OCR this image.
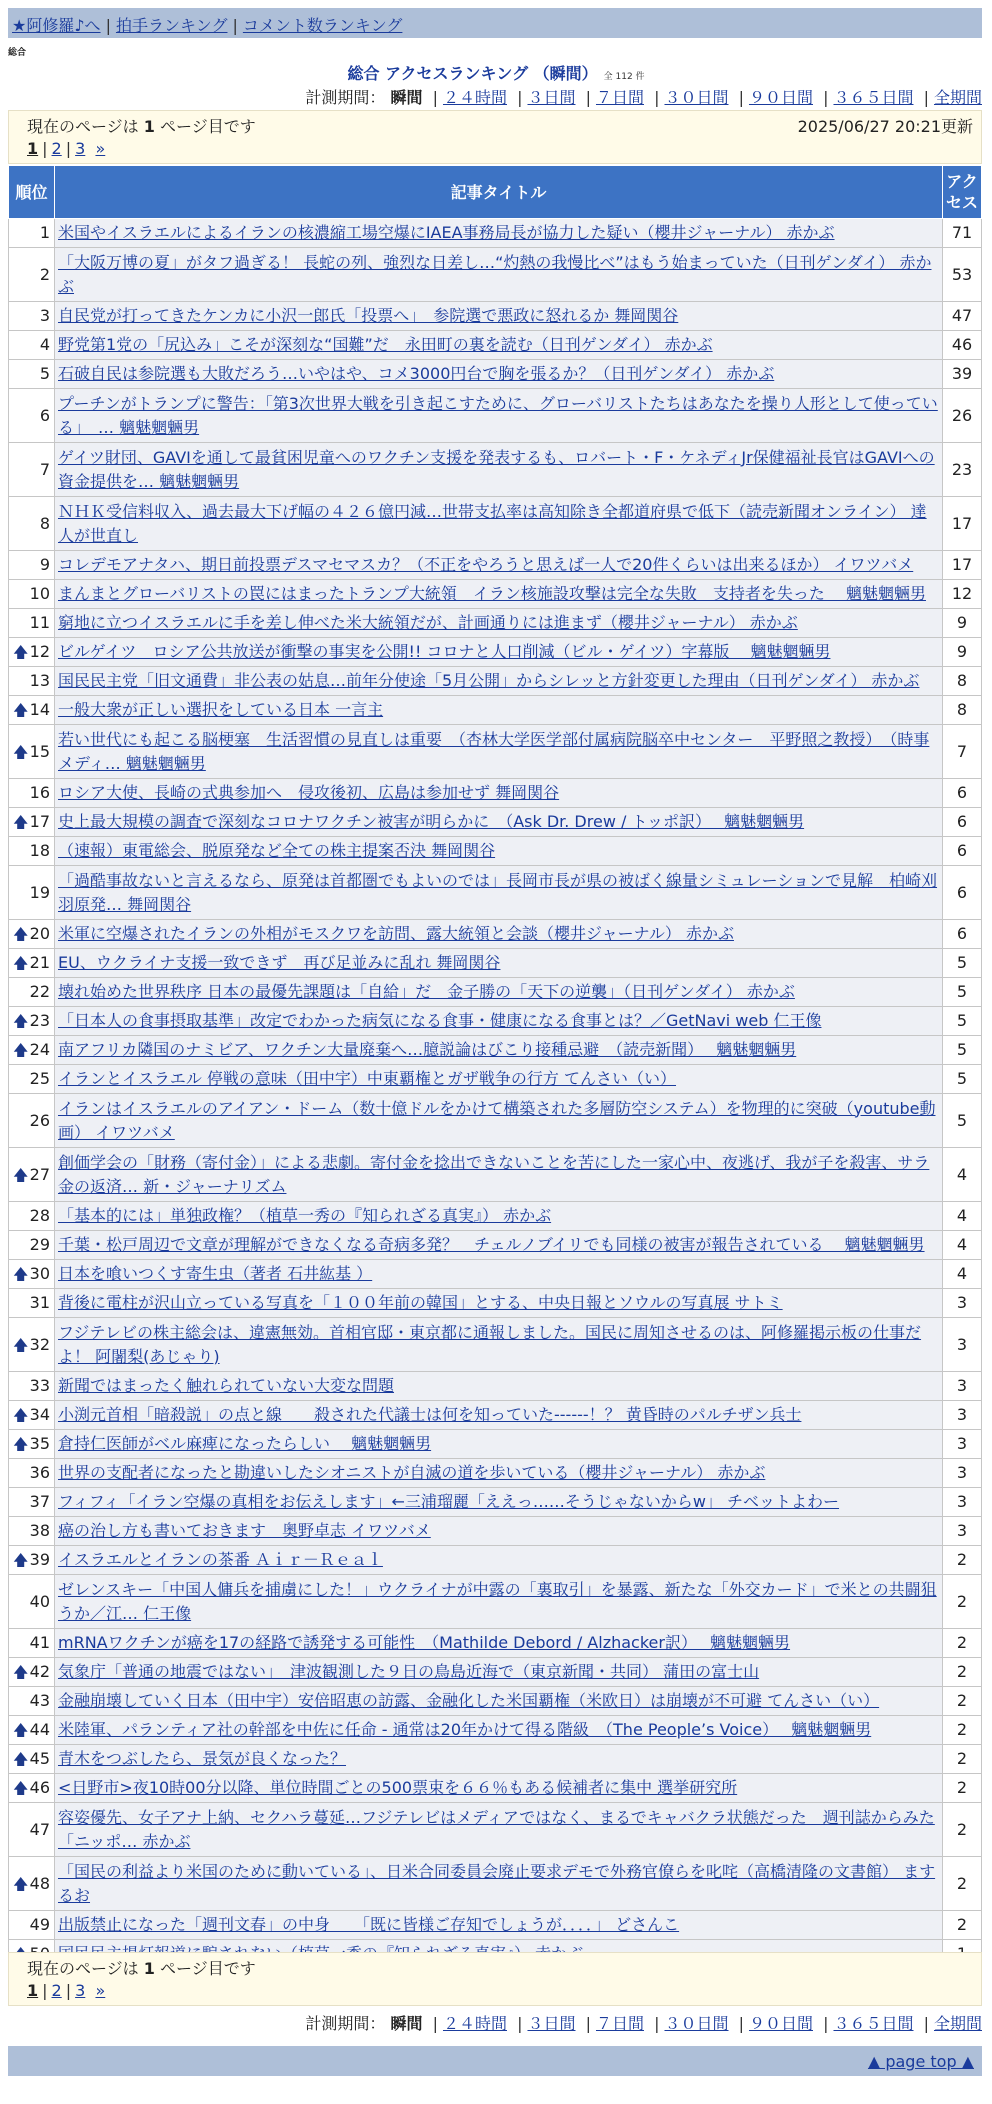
★阿修羅♪へ | 拍手ランキング | コメント数ランキング
総合
総合 アクセスランキング （瞬間） 全 112 件
計測期間： 瞬間 | ２４時間 | ３日間 | ７日間 | ３０日間 | ９０日間 | ３６５日間 | 全期間
現在のページは 1 ページ目です	2025/06/27 20:21更新
1 | 2 | 3 »
順位	記事タイトル	アクセス

1	米国やイスラエルによるイランの核濃縮工場空爆にIAEA事務局長が協力した疑い（櫻井ジャーナル） 赤かぶ	71
2	「大阪万博の夏」がタフ過ぎる！ 長蛇の列、強烈な日差し…“灼熱の我慢比べ”はもう始まっていた（日刊ゲンダイ） 赤かぶ	53
3	自民党が打ってきたケンカに小沢一郎氏「投票へ」　参院選で悪政に怒れるか 舞岡関谷	47
4	野党第1党の「尻込み」こそが深刻な“国難”だ　永田町の裏を読む（日刊ゲンダイ） 赤かぶ	46
5	石破自民は参院選も大敗だろう…いやはや、コメ3000円台で胸を張るか？（日刊ゲンダイ） 赤かぶ	39
6	プーチンがトランプに警告：「第3次世界大戦を引き起こすために、グローバリストたちはあなたを操り人形として使っている」　… 魑魅魍魎男	26
7	ゲイツ財団、GAVIを通して最貧困児童へのワクチン支援を発表するも、ロバート・F・ケネディJr保健福祉長官はGAVIへの資金提供を… 魑魅魍魎男	23
8	ＮＨＫ受信料収入、過去最大下げ幅の４２６億円減…世帯支払率は高知除き全都道府県で低下（読売新聞オンライン） 達人が世直し	17
9	コレデモアナタハ、期日前投票デスマセマスカ？（不正をやろうと思えば一人で20件くらいは出来るほか） イワツバメ	17
10	まんまとグローバリストの罠にはまったトランプ大統領　イラン核施設攻撃は完全な失敗　支持者を失った　 魑魅魍魎男	12
11	窮地に立つイスラエルに手を差し伸べた米大統領だが、計画通りには進まず（櫻井ジャーナル） 赤かぶ	9

🡅 12	ビルゲイツ　ロシア公共放送が衝撃の事実を公開!! コロナと人口削減（ビル・ゲイツ）字幕版　 魑魅魍魎男	9
13	国民民主党「旧文通費」非公表の姑息…前年分使途「5月公開」からシレッと方針変更した理由（日刊ゲンダイ） 赤かぶ	8

🡅 14	一般大衆が正しい選択をしている日本 一言主	8

🡅 15	若い世代にも起こる脳梗塞　生活習慣の見直しは重要　（杏林大学医学部付属病院脳卒中センター　平野照之教授）　（時事メディ… 魑魅魍魎男	7
16	ロシア大使、長崎の式典参加へ　侵攻後初、広島は参加せず 舞岡関谷	6

🡅 17	史上最大規模の調査で深刻なコロナワクチン被害が明らかに　（Ask Dr. Drew / トッポ訳）　 魑魅魍魎男	6
18	（速報）東電総会、脱原発など全ての株主提案否決 舞岡関谷	6
19	「過酷事故ないと言えるなら、原発は首都圏でもよいのでは」長岡市長が県の被ばく線量シミュレーションで見解　柏崎刈羽原発… 舞岡関谷	6

🡅 20	米軍に空爆されたイランの外相がモスクワを訪問、露大統領と会談（櫻井ジャーナル） 赤かぶ	6

🡅 21	EU、ウクライナ支援一致できず　再び足並みに乱れ 舞岡関谷	5
22	壊れ始めた世界秩序 日本の最優先課題は「自給」だ　金子勝の「天下の逆襲」（日刊ゲンダイ） 赤かぶ	5

🡅 23	「日本人の食事摂取基準」改定でわかった病気になる食事・健康になる食事とは？／GetNavi web 仁王像	5

🡅 24	南アフリカ隣国のナミビア、ワクチン大量廃棄へ…臆説論はびこり接種忌避　（読売新聞）　 魑魅魍魎男	5
25	イランとイスラエル 停戦の意味（田中宇）中東覇権とガザ戦争の行方 てんさい（い）	5
26	イランはイスラエルのアイアン・ドーム（数十億ドルをかけて構築された多層防空システム）を物理的に突破（youtube動画） イワツバメ	5

🡅 27	創価学会の「財務（寄付金）」による悲劇。寄付金を捻出できないことを苦にした一家心中、夜逃げ、我が子を殺害、サラ金の返済… 新・ジャーナリズム	4
28	「基本的には」単独政権？（植草一秀の『知られざる真実』） 赤かぶ	4
29	千葉・松戸周辺で文章が理解ができなくなる奇病多発？　チェルノブイリでも同様の被害が報告されている　 魑魅魍魎男	4

🡅 30	日本を喰いつくす寄生虫（著者 石井紘基 ）	4
31	背後に電柱が沢山立っている写真を「１００年前の韓国」とする、中央日報とソウルの写真展 サトミ	3

🡅 32	フジテレビの株主総会は、違憲無効。首相官邸・東京都に通報しました。国民に周知させるのは、阿修羅掲示板の仕事だよ！ 阿闍梨(あじゃり)	3
33	新聞ではまったく触れられていない大変な問題	3

🡅 34	小渕元首相「暗殺説」の点と線　　殺された代議士は何を知っていた------！？ 黄昏時のパルチザン兵士	3

🡅 35	倉持仁医師がベル麻痺になったらしい　 魑魅魍魎男	3
36	世界の支配者になったと勘違いしたシオニストが自滅の道を歩いている（櫻井ジャーナル） 赤かぶ	3
37	フィフィ「イラン空爆の真相をお伝えします」←三浦瑠麗「ええっ……そうじゃないからw」 チベットよわー	3
38	癌の治し方も書いておきます　奥野卓志 イワツバメ	3

🡅 39	イスラエルとイランの茶番 Ａｉｒ－Ｒｅａｌ	2
40	ゼレンスキー「中国人傭兵を捕虜にした！」ウクライナが中露の「裏取引」を暴露、新たな「外交カード」で米との共闘狙うか／江… 仁王像	2
41	mRNAワクチンが癌を17の経路で誘発する可能性　（Mathilde Debord / Alzhacker訳）　 魑魅魍魎男	2

🡅 42	気象庁「普通の地震ではない」　津波観測した９日の鳥島近海で（東京新聞・共同） 蒲田の富士山	2
43	金融崩壊していく日本（田中宇）安倍昭恵の訪露、金融化した米国覇権（米欧日）は崩壊が不可避 てんさい（い）	2

🡅 44	米陸軍、パランティア社の幹部を中佐に任命 - 通常は20年かけて得る階級　（The People’s Voice）　 魑魅魍魎男	2

🡅 45	青木をつぶしたら、景気が良くなった？	2

🡅 46	<日野市>夜10時00分以降、単位時間ごとの500票束を６６％もある候補者に集中 選挙研究所	2
47	容姿優先、女子アナ上納、セクハラ蔓延…フジテレビはメディアではなく、まるでキャバクラ状態だった　週刊誌からみた「ニッポ… 赤かぶ	2

🡅 48	「国民の利益より米国のために動いている」、日米合同委員会廃止要求デモで外務官僚らを叱咤（高橋清隆の文書館） まするお	2
49	出版禁止になった「週刊文春」の中身　　「既に皆様ご存知でしょうが．．．．」 どさんこ	2

計測期間： 瞬間 | ２４時間 | ３日間 | ７日間 | ３０日間 | ９０日間 | ３６５日間 | 全期間
現在のページは 1 ページ目です
1 | 2 | 3 »
▲ page top ▲
